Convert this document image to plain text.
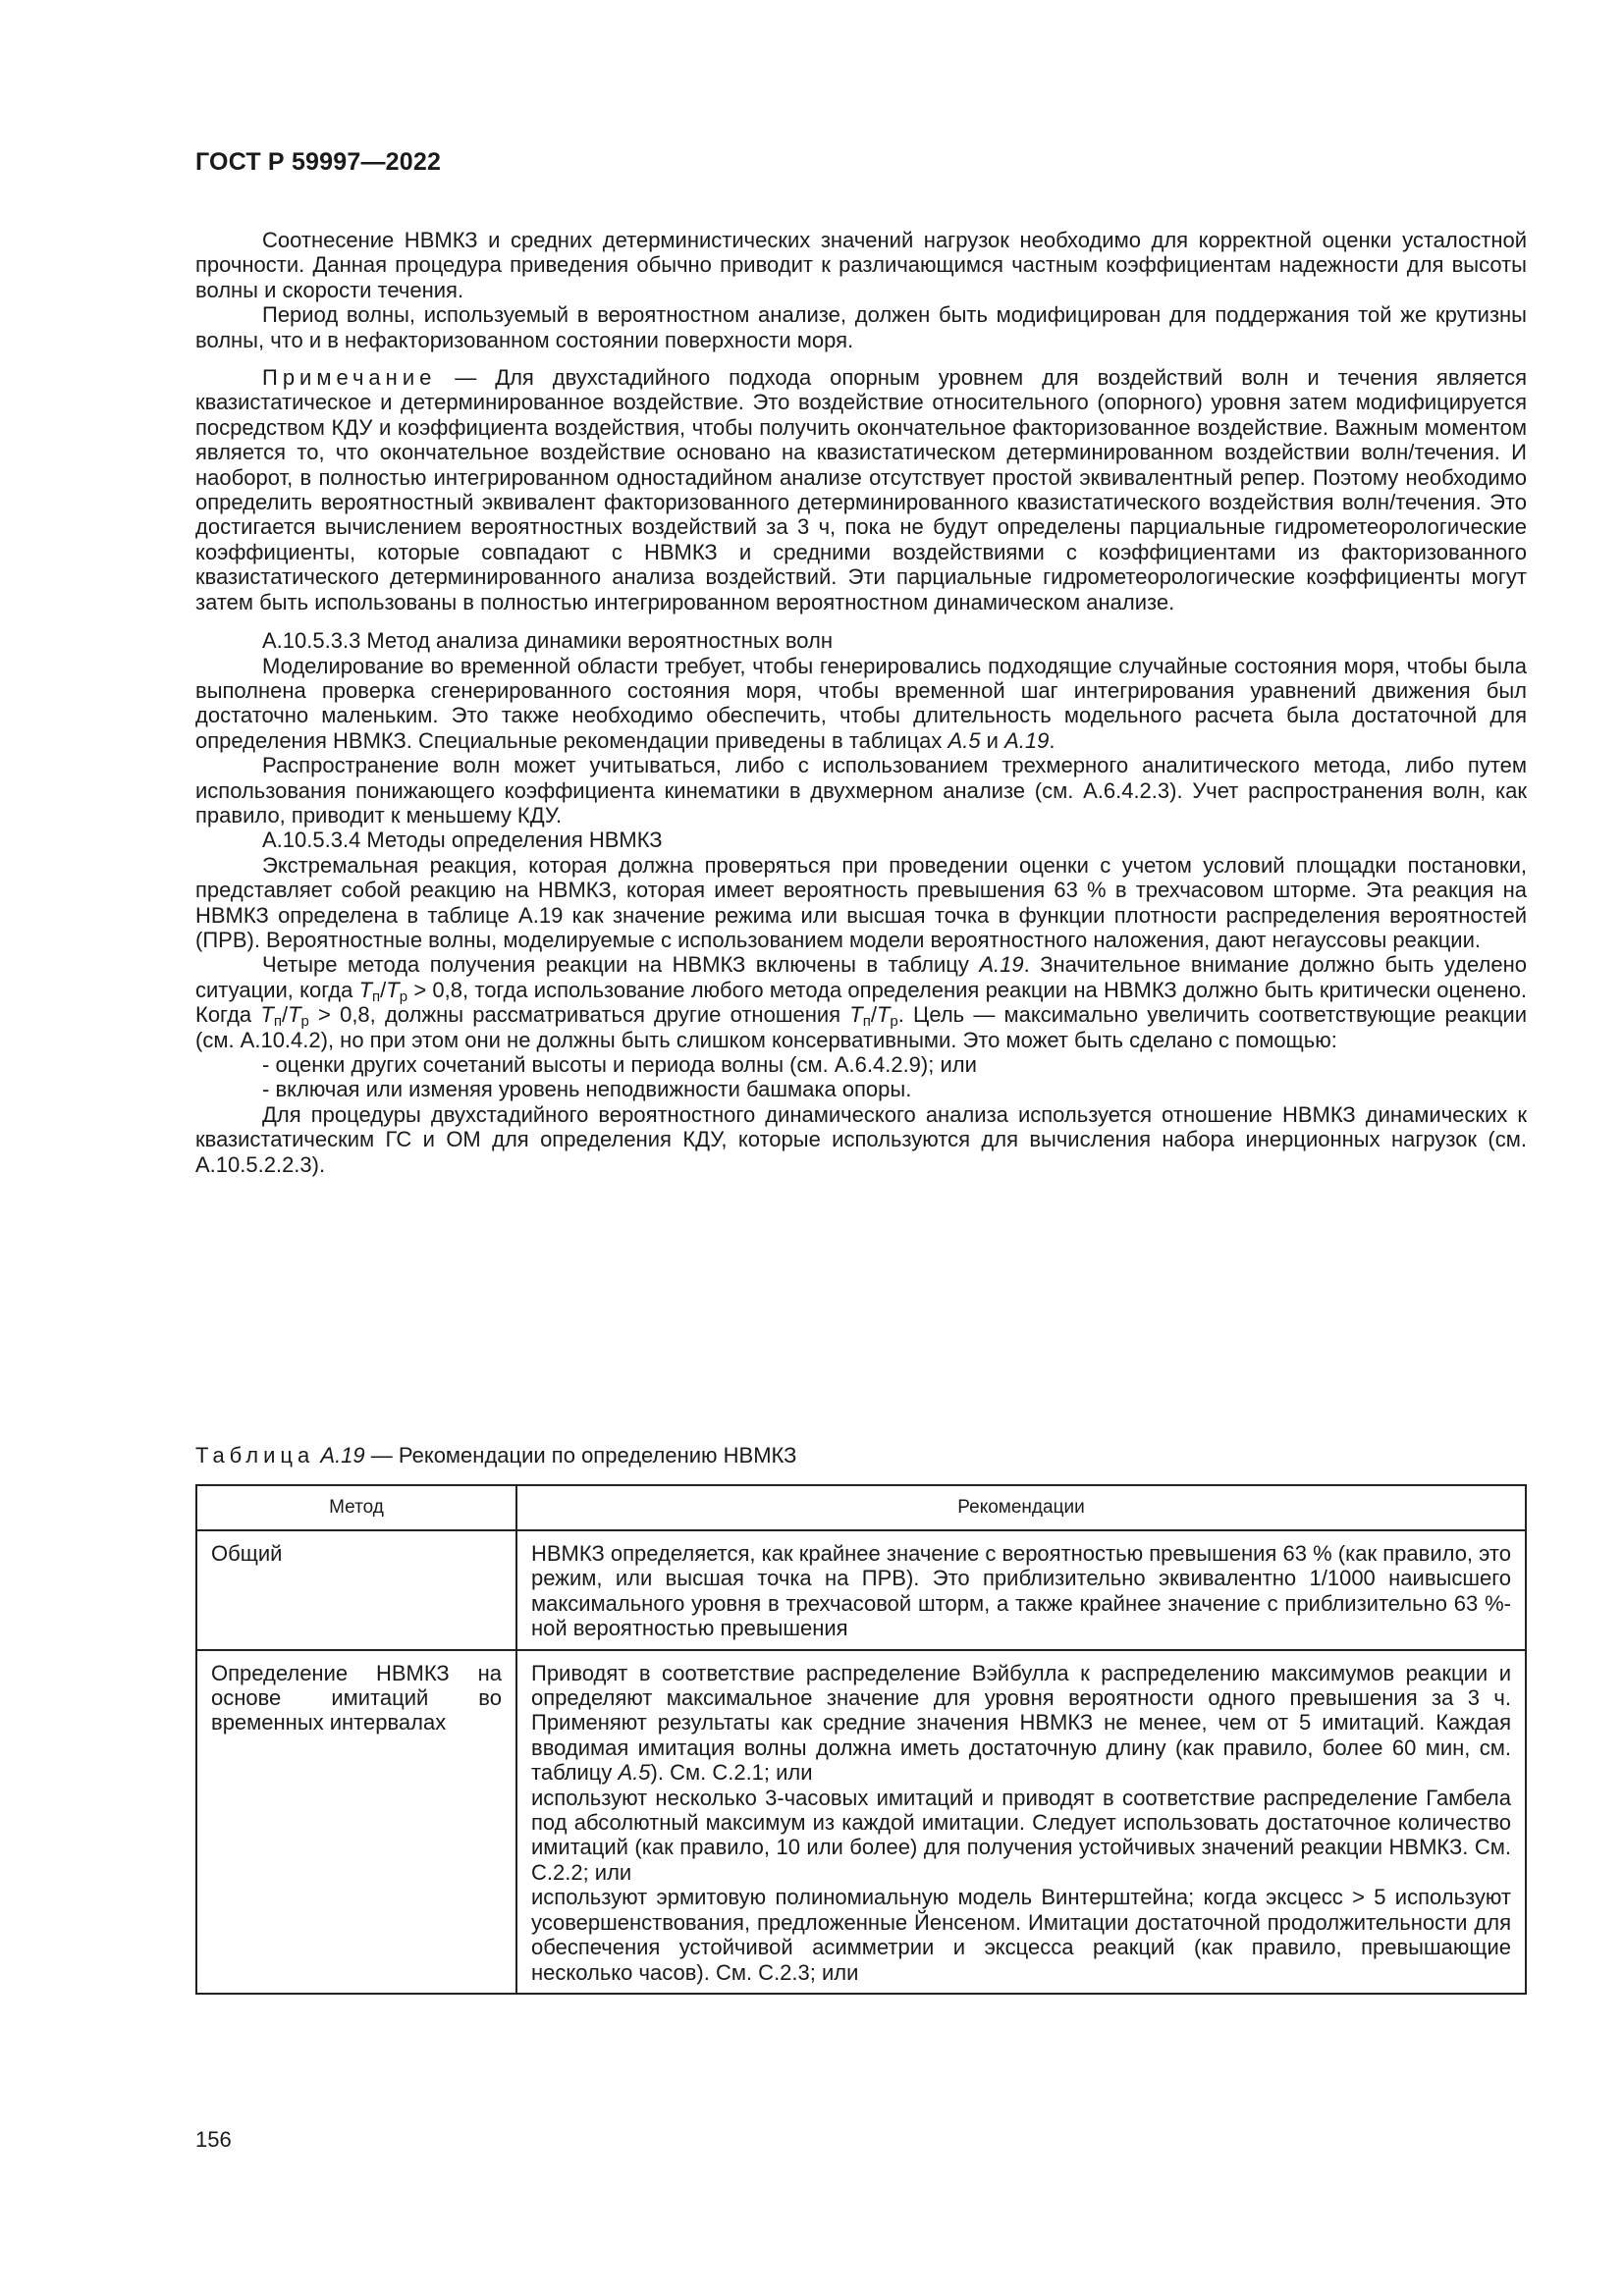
ГОСТ Р 59997—2022

Соотнесение НВМКЗ и средних детерминистических значений нагрузок необходимо для корректной оценки усталостной прочности. Данная процедура приведения обычно приводит к различающимся частным коэффициентам надежности для высоты волны и скорости течения.

Период волны, используемый в вероятностном анализе, должен быть модифицирован для поддержания той же крутизны волны, что и в нефакторизованном состоянии поверхности моря.

Примечание — Для двухстадийного подхода опорным уровнем для воздействий волн и течения является квазистатическое и детерминированное воздействие. Это воздействие относительного (опорного) уровня затем модифицируется посредством КДУ и коэффициента воздействия, чтобы получить окончательное факторизованное воздействие. Важным моментом является то, что окончательное воздействие основано на квазистатическом детерминированном воздействии волн/течения. И наоборот, в полностью интегрированном одностадийном анализе отсутствует простой эквивалентный репер. Поэтому необходимо определить вероятностный эквивалент факторизованного детерминированного квазистатического воздействия волн/течения. Это достигается вычислением вероятностных воздействий за 3 ч, пока не будут определены парциальные гидрометеорологические коэффициенты, которые совпадают с НВМКЗ и средними воздействиями с коэффициентами из факторизованного квазистатического детерминированного анализа воздействий. Эти парциальные гидрометеорологические коэффициенты могут затем быть использованы в полностью интегрированном вероятностном динамическом анализе.

А.10.5.3.3 Метод анализа динамики вероятностных волн

Моделирование во временной области требует, чтобы генерировались подходящие случайные состояния моря, чтобы была выполнена проверка сгенерированного состояния моря, чтобы временной шаг интегрирования уравнений движения был достаточно маленьким. Это также необходимо обеспечить, чтобы длительность модельного расчета была достаточной для определения НВМКЗ. Специальные рекомендации приведены в таблицах А.5 и А.19.

Распространение волн может учитываться, либо с использованием трехмерного аналитического метода, либо путем использования понижающего коэффициента кинематики в двухмерном анализе (см. А.6.4.2.3). Учет распространения волн, как правило, приводит к меньшему КДУ.

А.10.5.3.4 Методы определения НВМКЗ

Экстремальная реакция, которая должна проверяться при проведении оценки с учетом условий площадки постановки, представляет собой реакцию на НВМКЗ, которая имеет вероятность превышения 63 % в трехчасовом шторме. Эта реакция на НВМКЗ определена в таблице А.19 как значение режима или высшая точка в функции плотности распределения вероятностей (ПРВ). Вероятностные волны, моделируемые с использованием модели вероятностного наложения, дают негауссовы реакции.

Четыре метода получения реакции на НВМКЗ включены в таблицу А.19. Значительное внимание должно быть уделено ситуации, когда $T_п/T_р > 0,8$, тогда использование любого метода определения реакции на НВМКЗ должно быть критически оценено. Когда $T_п/T_р > 0,8$, должны рассматриваться другие отношения $T_п/T_р$. Цель — максимально увеличить соответствующие реакции (см. А.10.4.2), но при этом они не должны быть слишком консервативными. Это может быть сделано с помощью:

- оценки других сочетаний высоты и периода волны (см. А.6.4.2.9); или

- включая или изменяя уровень неподвижности башмака опоры.

Для процедуры двухстадийного вероятностного динамического анализа используется отношение НВМКЗ динамических к квазистатическим ГС и ОМ для определения КДУ, которые используются для вычисления набора инерционных нагрузок (см. А.10.5.2.2.3).

Таблица А.19 — Рекомендации по определению НВМКЗ
Метод	Рекомендации
Общий	НВМКЗ определяется, как крайнее значение с вероятностью превышения 63 % (как правило, это режим, или высшая точка на ПРВ). Это приблизительно эквивалентно 1/1000 наивысшего максимального уровня в трехчасовой шторм, а также крайнее значение с приблизительно 63 %-ной вероятностью превышения
Определение НВМКЗ на основе имитаций во временных интервалах	Приводят в соответствие распределение Вэйбулла к распределению максимумов реакции и определяют максимальное значение для уровня вероятности одного превышения за 3 ч. Применяют результаты как средние значения НВМКЗ не менее, чем от 5 имитаций. Каждая вводимая имитация волны должна иметь достаточную длину (как правило, более 60 мин, см. таблицу А.5). См. С.2.1; или
используют несколько 3-часовых имитаций и приводят в соответствие распределение Гамбела под абсолютный максимум из каждой имитации. Следует использовать достаточное количество имитаций (как правило, 10 или более) для получения устойчивых значений реакции НВМКЗ. См. С.2.2; или
используют эрмитовую полиномиальную модель Винтерштейна; когда эксцесс > 5 используют усовершенствования, предложенные Йенсеном. Имитации достаточной продолжительности для обеспечения устойчивой асимметрии и эксцесса реакций (как правило, превышающие несколько часов). См. С.2.3; или
156
